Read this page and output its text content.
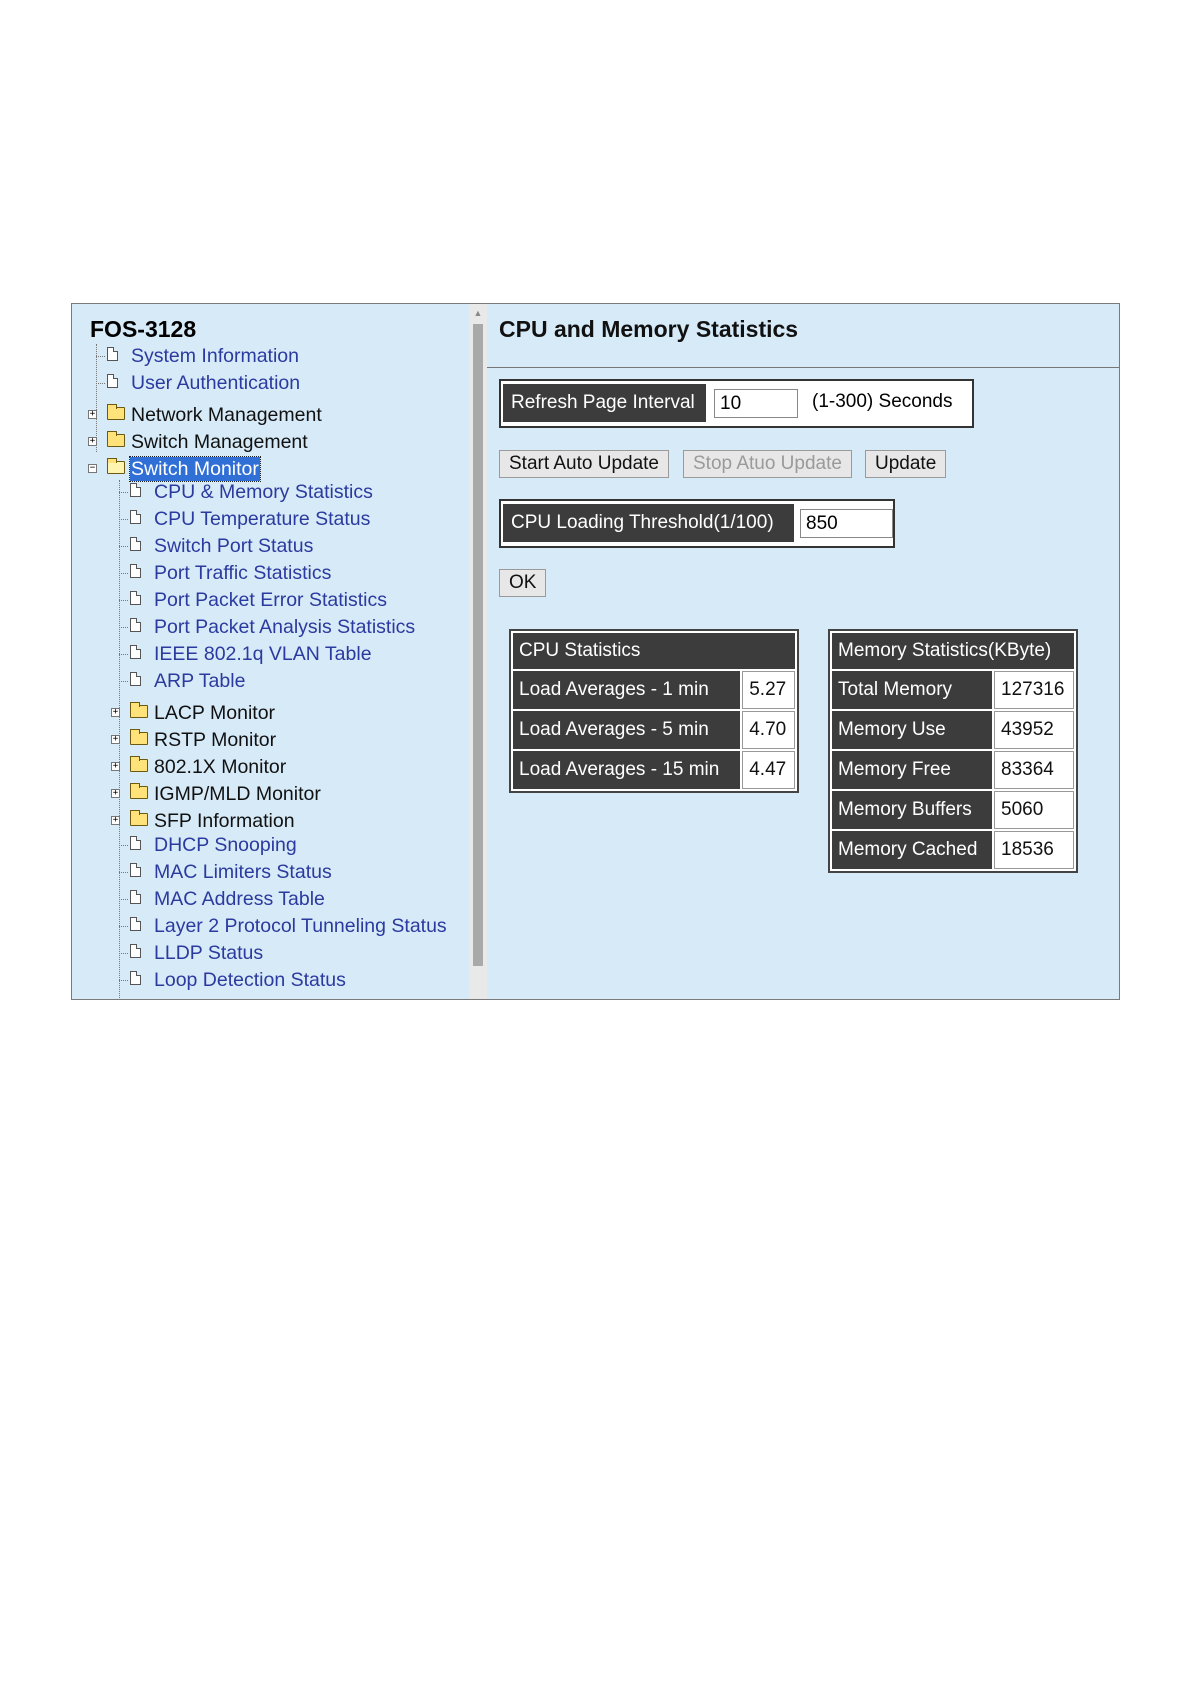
FOS-3128
System Information
User Authentication
+ Network Management
+ Switch Management
− Switch Monitor
CPU & Memory Statistics
CPU Temperature Status
Switch Port Status
Port Traffic Statistics
Port Packet Error Statistics
Port Packet Analysis Statistics
IEEE 802.1q VLAN Table
ARP Table
+ LACP Monitor
+ RSTP Monitor
+ 802.1X Monitor
+ IGMP/MLD Monitor
+ SFP Information
DHCP Snooping
MAC Limiters Status
MAC Address Table
Layer 2 Protocol Tunneling Status
LLDP Status
Loop Detection Status
▲
CPU and Memory Statistics
Refresh Page Interval
10	(1-300) Seconds
Start Auto Update	Stop Atuo Update	Update
CPU Loading Threshold(1/100)
850
OK
CPU Statistics	
Load Averages - 1 min	5.27
Load Averages - 5 min	4.70
Load Averages - 15 min	4.47
Memory Statistics(KByte)	
Total Memory	127316
Memory Use	43952
Memory Free	83364
Memory Buffers	5060
Memory Cached	18536
